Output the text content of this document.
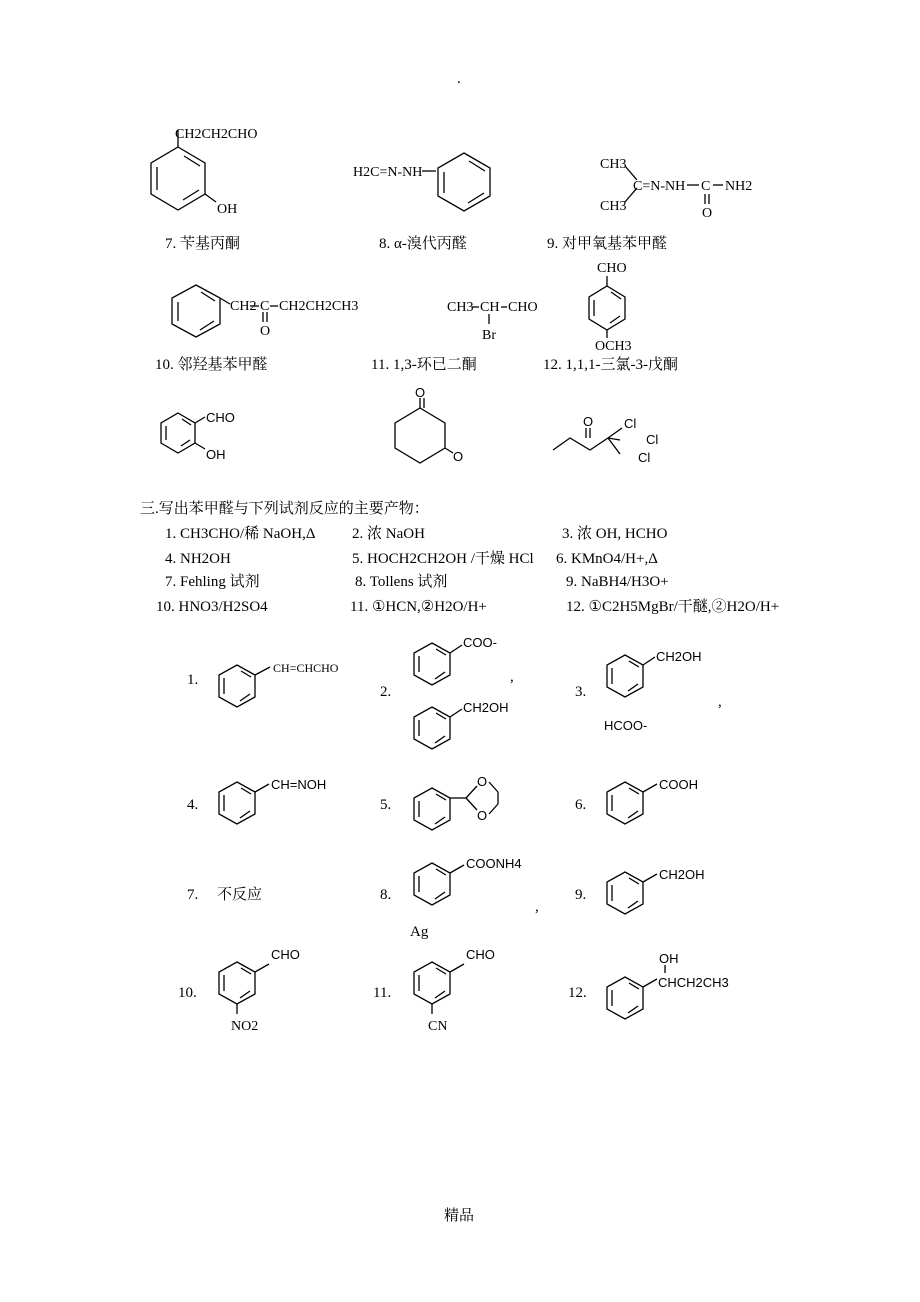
.
CH2CH2CHO
OH
H2C=N-NH
CH3
CH3
C=N-NH C NH2
O
7. 苄基丙酮	8. α-溴代丙醛	9. 对甲氧基苯甲醛
CH2 C CH2CH2CH3
O
CH3 CH CHO
Br
CHO
OCH3
10. 邻羟基苯甲醛	11. 1,3-环已二酮	12. 1,1,1-三氯-3-戊酮
CHO
OH
O
O
O Cl
Cl
Cl
三.写出苯甲醛与下列试剂反应的主要产物：
1. CH3CHO/稀 NaOH,Δ 2. 浓 NaOH	3. 浓 OH, HCHO
4. NH2OH	5. HOCH2CH2OH /干燥 HCl 6. KMnO4/H+,Δ
7. Fehling 试剂	8. Tollens 试剂	9. NaBH4/H3O+
10. HNO3/H2SO4	11. ①HCN,②H2O/H+	12. ①C2H5MgBr/干醚,②H2O/H+
1.
CH=CHCHO
2.
COO-
CH2OH
,
3.
CH2OH
HCOO-
,
4.
CH=NOH
5.
O
O
6.
COOH
7. 不反应	8.
COONH4
,
Ag
9.
CH2OH
10.
CHO
NO2
11.
CHO
CN
12.
OH
CHCH2CH3
精品
